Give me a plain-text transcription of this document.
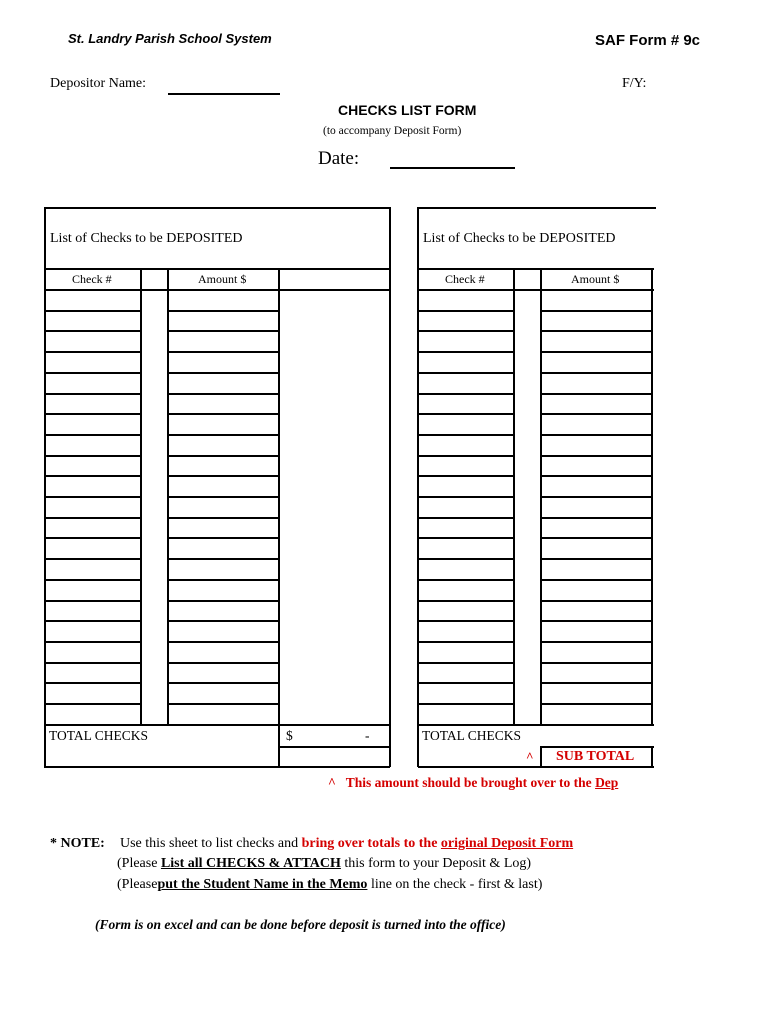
St. Landry Parish School System	SAF Form # 9c
Depositor Name:	F/Y:
CHECKS LIST FORM
(to accompany Deposit Form)
Date:
List of Checks to be DEPOSITED	List of Checks to be DEPOSITED
Check #	Amount $	Check #	Amount $
TOTAL CHECKS	$	-	TOTAL CHECKS
^ SUB TOTAL
^ This amount should be brought over to the Dep
* NOTE: Use this sheet to list checks and bring over totals to the original Deposit Form
(Please List all CHECKS & ATTACH this form to your Deposit & Log)
(Pleaseput the Student Name in the Memo line on the check - first & last)
(Form is on excel and can be done before deposit is turned into the office)
